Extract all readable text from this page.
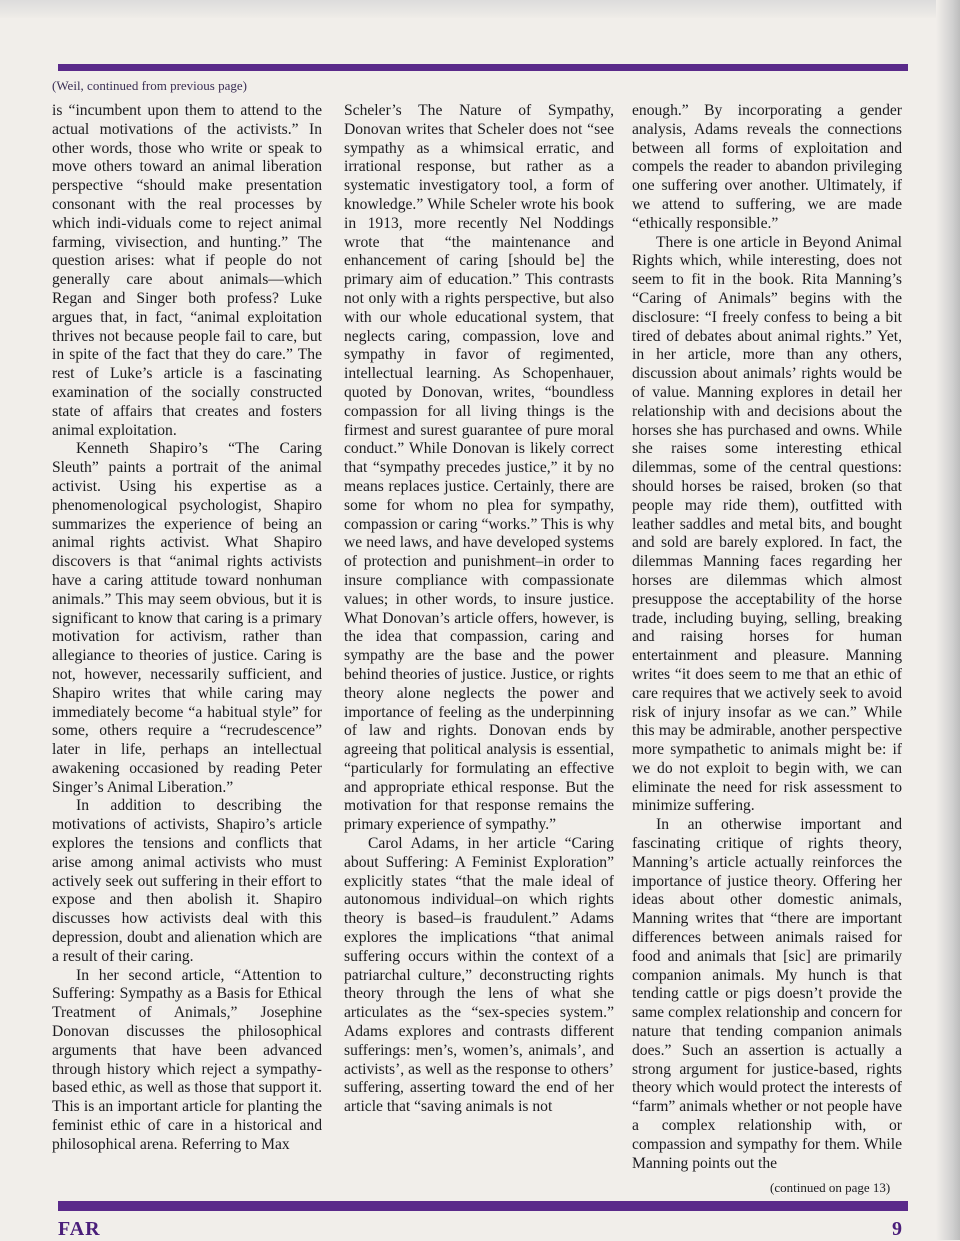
(Weil, continued from previous page)

is “incumbent upon them to attend to the actual motivations of the activists.” In other words, those who write or speak to move others toward an animal liberation perspective “should make presentation consonant with the real processes by which indi-viduals come to reject animal farming, vivisection, and hunting.” The question arises: what if people do not generally care about animals—which Regan and Singer both profess? Luke argues that, in fact, “animal exploitation thrives not because people fail to care, but in spite of the fact that they do care.” The rest of Luke’s article is a fascinating examination of the socially constructed state of affairs that creates and fosters animal exploitation.

Kenneth Shapiro’s “The Caring Sleuth” paints a portrait of the animal activist. Using his expertise as a phenomenological psychologist, Shapiro summarizes the experience of being an animal rights activist. What Shapiro discovers is that “animal rights activists have a caring attitude toward nonhuman animals.” This may seem obvious, but it is significant to know that caring is a primary motivation for activism, rather than allegiance to theories of justice. Caring is not, however, necessarily sufficient, and Shapiro writes that while caring may immediately become “a habitual style” for some, others require a “recrudescence” later in life, perhaps an intellectual awakening occasioned by reading Peter Singer’s Animal Liberation.”

In addition to describing the motivations of activists, Shapiro’s article explores the tensions and conflicts that arise among animal activists who must actively seek out suffering in their effort to expose and then abolish it. Shapiro discusses how activists deal with this depression, doubt and alienation which are a result of their caring.

In her second article, “Attention to Suffering: Sympathy as a Basis for Ethical Treatment of Animals,” Josephine Donovan discusses the philosophical arguments that have been advanced through history which reject a sympathy-based ethic, as well as those that support it. This is an important article for planting the feminist ethic of care in a historical and philosophical arena. Referring to Max

Scheler’s The Nature of Sympathy, Donovan writes that Scheler does not “see sympathy as a whimsical erratic, and irrational response, but rather as a systematic investigatory tool, a form of knowledge.” While Scheler wrote his book in 1913, more recently Nel Noddings wrote that “the maintenance and enhancement of caring [should be] the primary aim of education.” This contrasts not only with a rights perspective, but also with our whole educational system, that neglects caring, compassion, love and sympathy in favor of regimented, intellectual learning. As Schopenhauer, quoted by Donovan, writes, “boundless compassion for all living things is the firmest and surest guarantee of pure moral conduct.” While Donovan is likely correct that “sympathy precedes justice,” it by no means replaces justice. Certainly, there are some for whom no plea for sympathy, compassion or caring “works.” This is why we need laws, and have developed systems of protection and punishment–in order to insure compliance with compassionate values; in other words, to insure justice. What Donovan’s article offers, however, is the idea that compassion, caring and sympathy are the base and the power behind theories of justice. Justice, or rights theory alone neglects the power and importance of feeling as the underpinning of law and rights. Donovan ends by agreeing that political analysis is essential, “particularly for formulating an effective and appropriate ethical response. But the motivation for that response remains the primary experience of sympathy.”

Carol Adams, in her article “Caring about Suffering: A Feminist Exploration” explicitly states “that the male ideal of autonomous individual–on which rights theory is based–is fraudulent.” Adams explores the implications “that animal suffering occurs within the context of a patriarchal culture,” deconstructing rights theory through the lens of what she articulates as the “sex-species system.” Adams explores and contrasts different sufferings: men’s, women’s, animals’, and activists’, as well as the response to others’ suffering, asserting toward the end of her article that “saving animals is not

enough.” By incorporating a gender analysis, Adams reveals the connections between all forms of exploitation and compels the reader to abandon privileging one suffering over another. Ultimately, if we attend to suffering, we are made “ethically responsible.”

There is one article in Beyond Animal Rights which, while interesting, does not seem to fit in the book. Rita Manning’s “Caring of Animals” begins with the disclosure: “I freely confess to being a bit tired of debates about animal rights.” Yet, in her article, more than any others, discussion about animals’ rights would be of value. Manning explores in detail her relationship with and decisions about the horses she has purchased and owns. While she raises some interesting ethical dilemmas, some of the central questions: should horses be raised, broken (so that people may ride them), outfitted with leather saddles and metal bits, and bought and sold are barely explored. In fact, the dilemmas Manning faces regarding her horses are dilemmas which almost presuppose the acceptability of the horse trade, including buying, selling, breaking and raising horses for human entertainment and pleasure. Manning writes “it does seem to me that an ethic of care requires that we actively seek to avoid risk of injury insofar as we can.” While this may be admirable, another perspective more sympathetic to animals might be: if we do not exploit to begin with, we can eliminate the need for risk assessment to minimize suffering.

In an otherwise important and fascinating critique of rights theory, Manning’s article actually reinforces the importance of justice theory. Offering her ideas about other domestic animals, Manning writes that “there are important differences between animals raised for food and animals that [sic] are primarily companion animals. My hunch is that tending cattle or pigs doesn’t provide the same complex relationship and concern for nature that tending companion animals does.” Such an assertion is actually a strong argument for justice-based, rights theory which would protect the interests of “farm” animals whether or not people have a complex relationship with, or compassion and sympathy for them. While Manning points out the

(continued on page 13)
FAR	9
